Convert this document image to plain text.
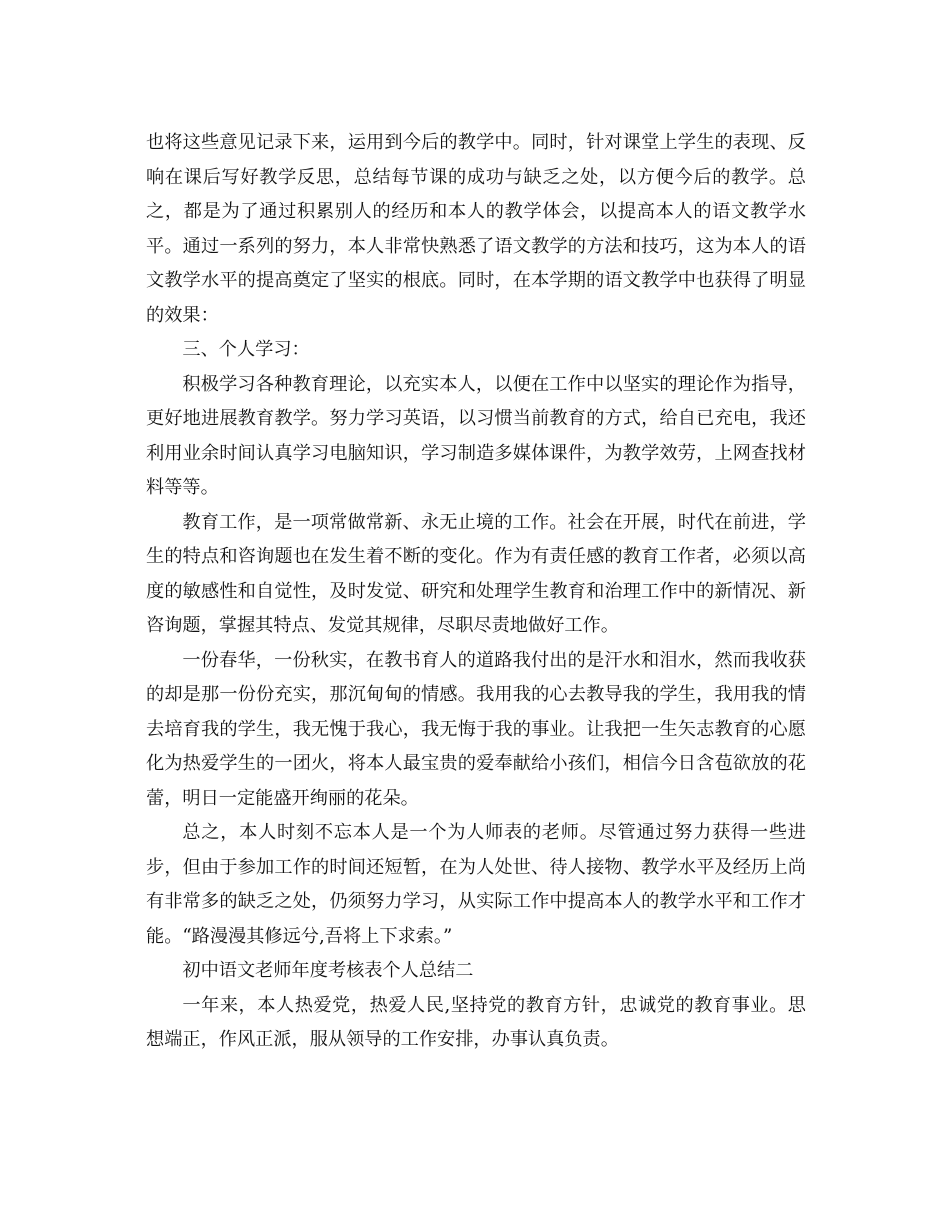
也将这些意见记录下来，运用到今后的教学中。同时，针对课堂上学生的表现、反响在课后写好教学反思，总结每节课的成功与缺乏之处，以方便今后的教学。总之，都是为了通过积累别人的经历和本人的教学体会，以提高本人的语文教学水平。通过一系列的努力，本人非常快熟悉了语文教学的方法和技巧，这为本人的语文教学水平的提高奠定了坚实的根底。同时，在本学期的语文教学中也获得了明显的效果：

三、个人学习：

积极学习各种教育理论，以充实本人，以便在工作中以坚实的理论作为指导，更好地进展教育教学。努力学习英语，以习惯当前教育的方式，给自已充电，我还利用业余时间认真学习电脑知识，学习制造多媒体课件，为教学效劳，上网查找材料等等。

教育工作，是一项常做常新、永无止境的工作。社会在开展，时代在前进，学生的特点和咨询题也在发生着不断的变化。作为有责任感的教育工作者，必须以高度的敏感性和自觉性，及时发觉、研究和处理学生教育和治理工作中的新情况、新咨询题，掌握其特点、发觉其规律，尽职尽责地做好工作。

一份春华，一份秋实，在教书育人的道路我付出的是汗水和泪水，然而我收获的却是那一份份充实，那沉甸甸的情感。我用我的心去教导我的学生，我用我的情去培育我的学生，我无愧于我心，我无悔于我的事业。让我把一生矢志教育的心愿化为热爱学生的一团火，将本人最宝贵的爱奉献给小孩们，相信今日含苞欲放的花蕾，明日一定能盛开绚丽的花朵。

总之，本人时刻不忘本人是一个为人师表的老师。尽管通过努力获得一些进步，但由于参加工作的时间还短暂，在为人处世、待人接物、教学水平及经历上尚有非常多的缺乏之处，仍须努力学习，从实际工作中提高本人的教学水平和工作才能。“路漫漫其修远兮,吾将上下求索。”

初中语文老师年度考核表个人总结二

一年来，本人热爱党，热爱人民,坚持党的教育方针，忠诚党的教育事业。思想端正，作风正派，服从领导的工作安排，办事认真负责。
